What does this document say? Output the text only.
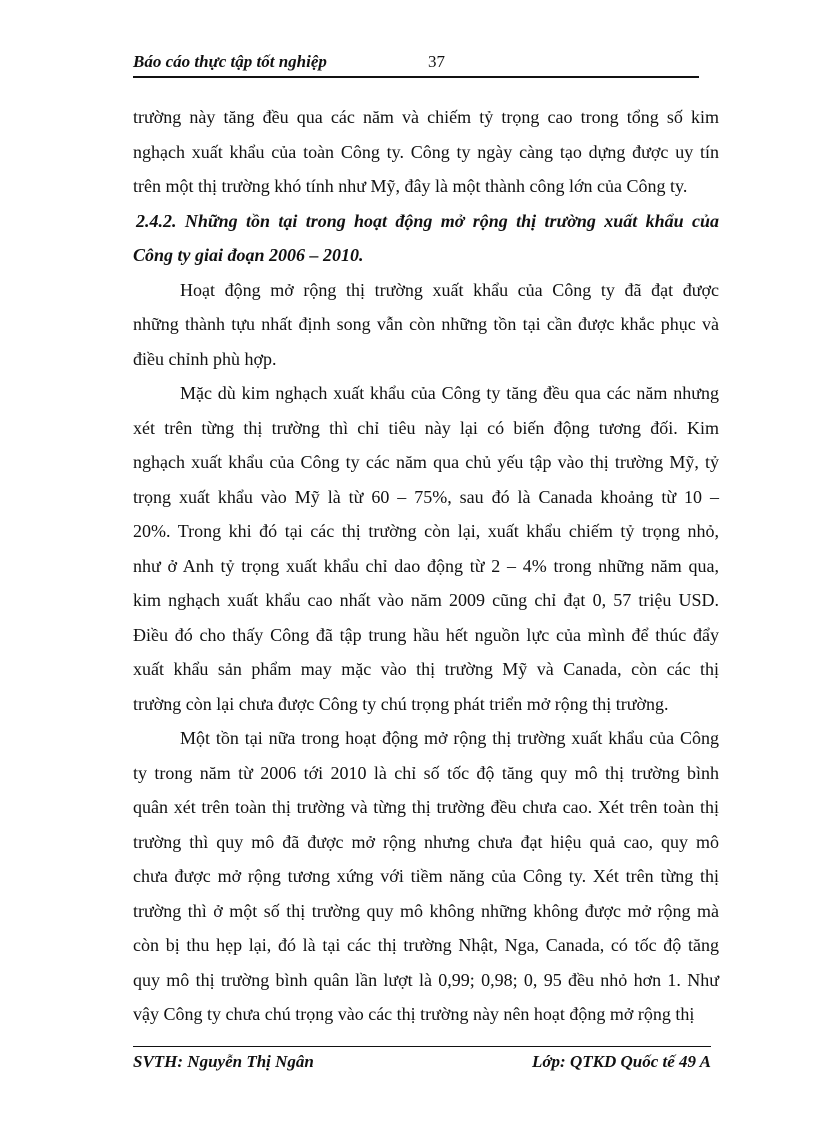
Báo cáo thực tập tốt nghiệp	37
trường này tăng đều qua các năm và chiếm tỷ trọng cao trong tổng số kim
nghạch xuất khẩu của toàn Công ty. Công ty ngày càng tạo dựng được uy tín
trên một thị trường khó tính như Mỹ, đây là một thành công lớn của Công ty.
2.4.2. Những tồn tại trong hoạt động mở rộng thị trường xuất khẩu của
Công ty giai đoạn 2006 – 2010.
Hoạt động mở rộng thị trường xuất khẩu của Công ty đã đạt được
những thành tựu nhất định song vẫn còn những tồn tại cần được khắc phục và
điều chỉnh phù hợp.
Mặc dù kim nghạch xuất khẩu của Công ty tăng đều qua các năm nhưng
xét trên từng thị trường thì chỉ tiêu này lại có biến động tương đối. Kim
nghạch xuất khẩu của Công ty các năm qua chủ yếu tập vào thị trường Mỹ, tỷ
trọng xuất khẩu vào Mỹ là từ 60 – 75%, sau đó là Canada khoảng từ 10 –
20%. Trong khi đó tại các thị trường còn lại, xuất khẩu chiếm tỷ trọng nhỏ,
như ở Anh tỷ trọng xuất khẩu chỉ dao động từ 2 – 4% trong những năm qua,
kim nghạch xuất khẩu cao nhất vào năm 2009 cũng chỉ đạt 0, 57 triệu USD.
Điều đó cho thấy Công đã tập trung hầu hết nguồn lực của mình để thúc đẩy
xuất khẩu sản phẩm may mặc vào thị trường Mỹ và Canada, còn các thị
trường còn lại chưa được Công ty chú trọng phát triển mở rộng thị trường.
Một tồn tại nữa trong hoạt động mở rộng thị trường xuất khẩu của Công
ty trong năm từ 2006 tới 2010 là chỉ số tốc độ tăng quy mô thị trường bình
quân xét trên toàn thị trường và từng thị trường đều chưa cao. Xét trên toàn thị
trường thì quy mô đã được mở rộng nhưng chưa đạt hiệu quả cao, quy mô
chưa được mở rộng tương xứng với tiềm năng của Công ty. Xét trên từng thị
trường thì ở một số thị trường quy mô không những không được mở rộng mà
còn bị thu hẹp lại, đó là tại các thị trường Nhật, Nga, Canada, có tốc độ tăng
quy mô thị trường bình quân lần lượt là 0,99; 0,98; 0, 95 đều nhỏ hơn 1. Như
vậy Công ty chưa chú trọng vào các thị trường này nên hoạt động mở rộng thị
SVTH: Nguyễn Thị Ngân	Lớp: QTKD Quốc tế 49 A
